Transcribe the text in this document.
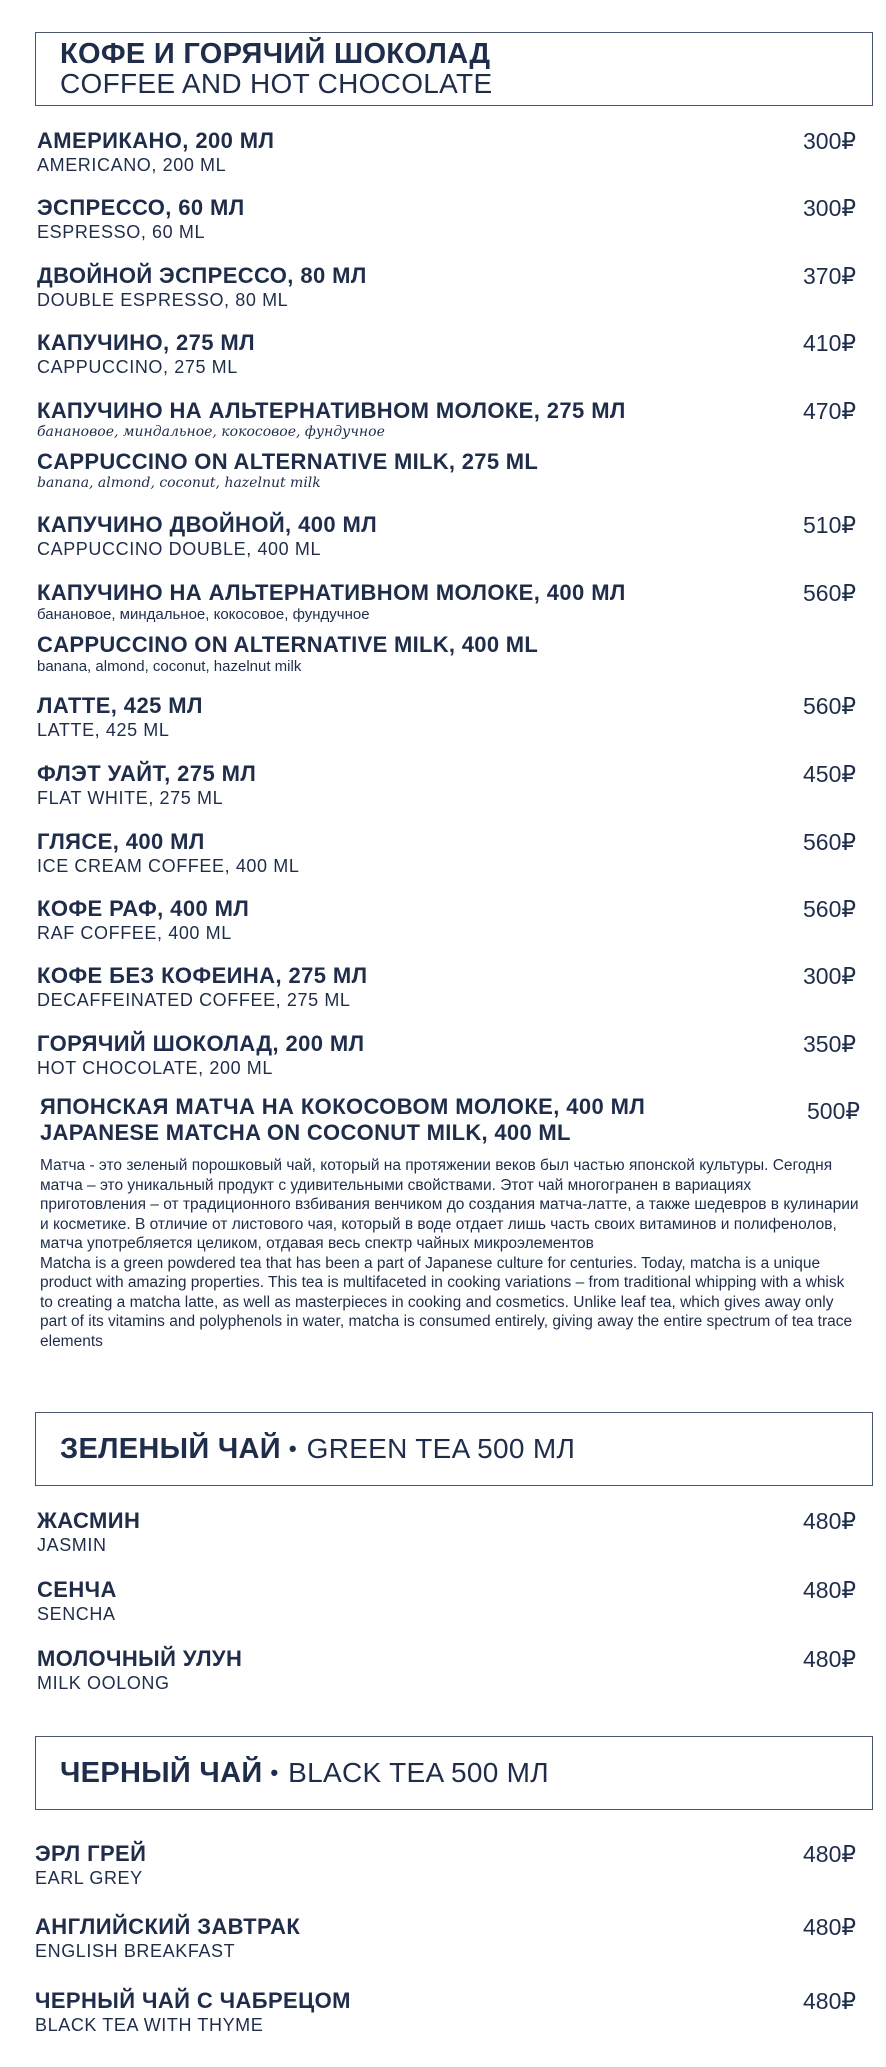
КОФЕ И ГОРЯЧИЙ ШОКОЛАД
COFFEE AND HOT CHOCOLATE
АМЕРИКАНО, 200 МЛ
AMERICANO, 200 ML
300₽
ЭСПРЕССО, 60 МЛ
ESPRESSO, 60 ML
300₽
ДВОЙНОЙ ЭСПРЕССО, 80 МЛ
DOUBLE ESPRESSO, 80 ML
370₽
КАПУЧИНО, 275 МЛ
CAPPUCCINO, 275 ML
410₽
КАПУЧИНО НА АЛЬТЕРНАТИВНОМ МОЛОКЕ, 275 МЛ
банановое, миндальное, кокосовое, фундучное
CAPPUCCINO ON ALTERNATIVE MILK, 275 ML
banana, almond, coconut, hazelnut milk
470₽
КАПУЧИНО ДВОЙНОЙ, 400 МЛ
CAPPUCCINO DOUBLE, 400 ML
510₽
КАПУЧИНО НА АЛЬТЕРНАТИВНОМ МОЛОКЕ, 400 МЛ
банановое, миндальное, кокосовое, фундучное
CAPPUCCINO ON ALTERNATIVE MILK, 400 ML
banana, almond, coconut, hazelnut milk
560₽
ЛАТТЕ, 425 МЛ
LATTE, 425 ML
560₽
ФЛЭТ УАЙТ, 275 МЛ
FLAT WHITE, 275 ML
450₽
ГЛЯСЕ, 400 МЛ
ICE CREAM COFFEE, 400 ML
560₽
КОФЕ РАФ, 400 МЛ
RAF COFFEE, 400 ML
560₽
КОФЕ БЕЗ КОФЕИНА, 275 МЛ
DECAFFEINATED COFFEE, 275 ML
300₽
ГОРЯЧИЙ ШОКОЛАД, 200 МЛ
HOT CHOCOLATE, 200 ML
350₽
ЯПОНСКАЯ МАТЧА НА КОКОСОВОМ МОЛОКЕ, 400 МЛ
JAPANESE MATCHA ON COCONUT MILK, 400 ML
500₽

Матча - это зеленый порошковый чай, который на протяжении веков был частью японской культуры. Сегодня матча – это уникальный продукт с удивительными свойствами. Этот чай многогранен в вариациях приготовления – от традиционного взбивания венчиком до создания матча-латте, а также шедевров в кулинарии и косметике. В отличие от листового чая, который в воде отдает лишь часть своих витаминов и полифенолов, матча употребляется целиком, отдавая весь спектр чайных микроэлементов

Matcha is a green powdered tea that has been a part of Japanese culture for centuries. Today, matcha is a unique product with amazing properties. This tea is multifaceted in cooking variations – from traditional whipping with a whisk to creating a matcha latte, as well as masterpieces in cooking and cosmetics. Unlike leaf tea, which gives away only part of its vitamins and polyphenols in water, matcha is consumed entirely, giving away the entire spectrum of tea trace elements

ЗЕЛЕНЫЙ ЧАЙ • GREEN TEA 500 МЛ
ЖАСМИН
JASMIN
480₽
СЕНЧА
SENCHA
480₽
МОЛОЧНЫЙ УЛУН
MILK OOLONG
480₽
ЧЕРНЫЙ ЧАЙ • BLACK TEA 500 МЛ
ЭРЛ ГРЕЙ
EARL GREY
480₽
АНГЛИЙСКИЙ ЗАВТРАК
ENGLISH BREAKFAST
480₽
ЧЕРНЫЙ ЧАЙ С ЧАБРЕЦОМ
BLACK TEA WITH THYME
480₽
